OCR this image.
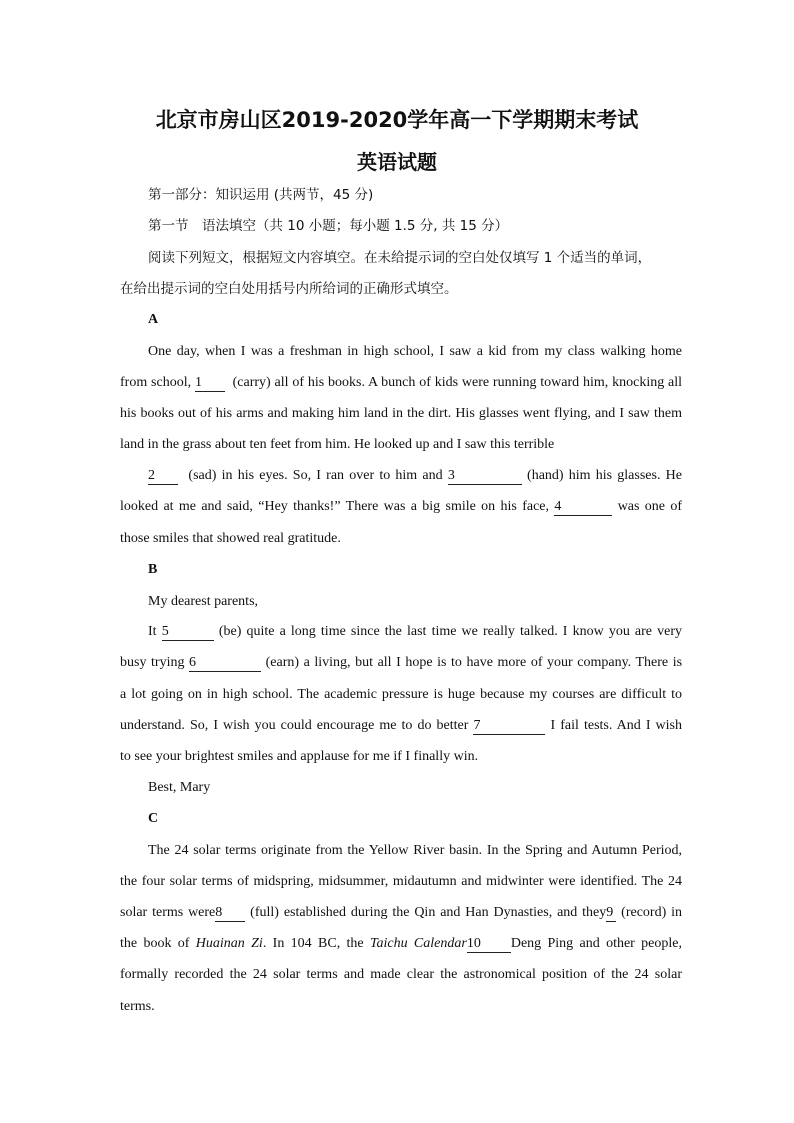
北京市房山区2019-2020学年高一下学期期末考试
英语试题
第一部分：知识运用 (共两节，45 分)
第一节　语法填空（共 10 小题；每小题 1.5 分, 共 15 分）
阅读下列短文，根据短文内容填空。在未给提示词的空白处仅填写 1 个适当的单词，
在给出提示词的空白处用括号内所给词的正确形式填空。
A
One day, when I was a freshman in high school, I saw a kid from my class walking home
from school, 1 (carry) all of his books. A bunch of kids were running toward him, knocking all
his books out of his arms and making him land in the dirt. His glasses went flying, and I saw them
land in the grass about ten feet from him. He looked up and I saw this terrible
2 (sad) in his eyes. So, I ran over to him and 3	(hand) him his glasses. He
looked at me and said, “Hey thanks!” There was a big smile on his face, 4	was one of
those smiles that showed real gratitude.
B
My dearest parents,
It 5	(be) quite a long time since the last time we really talked. I know you are very
busy trying 6	(earn) a living, but all I hope is to have more of your company. There is
a lot going on in high school. The academic pressure is huge because my courses are difficult to
understand. So, I wish you could encourage me to do better 7	I fail tests. And I wish
to see your brightest smiles and applause for me if I finally win.
Best, Mary
C
The 24 solar terms originate from the Yellow River basin. In the Spring and Autumn Period,
the four solar terms of midspring, midsummer, midautumn and midwinter were identified. The 24
solar terms were8 (full) established during the Qin and Han Dynasties, and they9 (record) in
the book of Huainan Zi. In 104 BC, the Taichu Calendar10 Deng Ping and other people,
formally recorded the 24 solar terms and made clear the astronomical position of the 24 solar
terms.
